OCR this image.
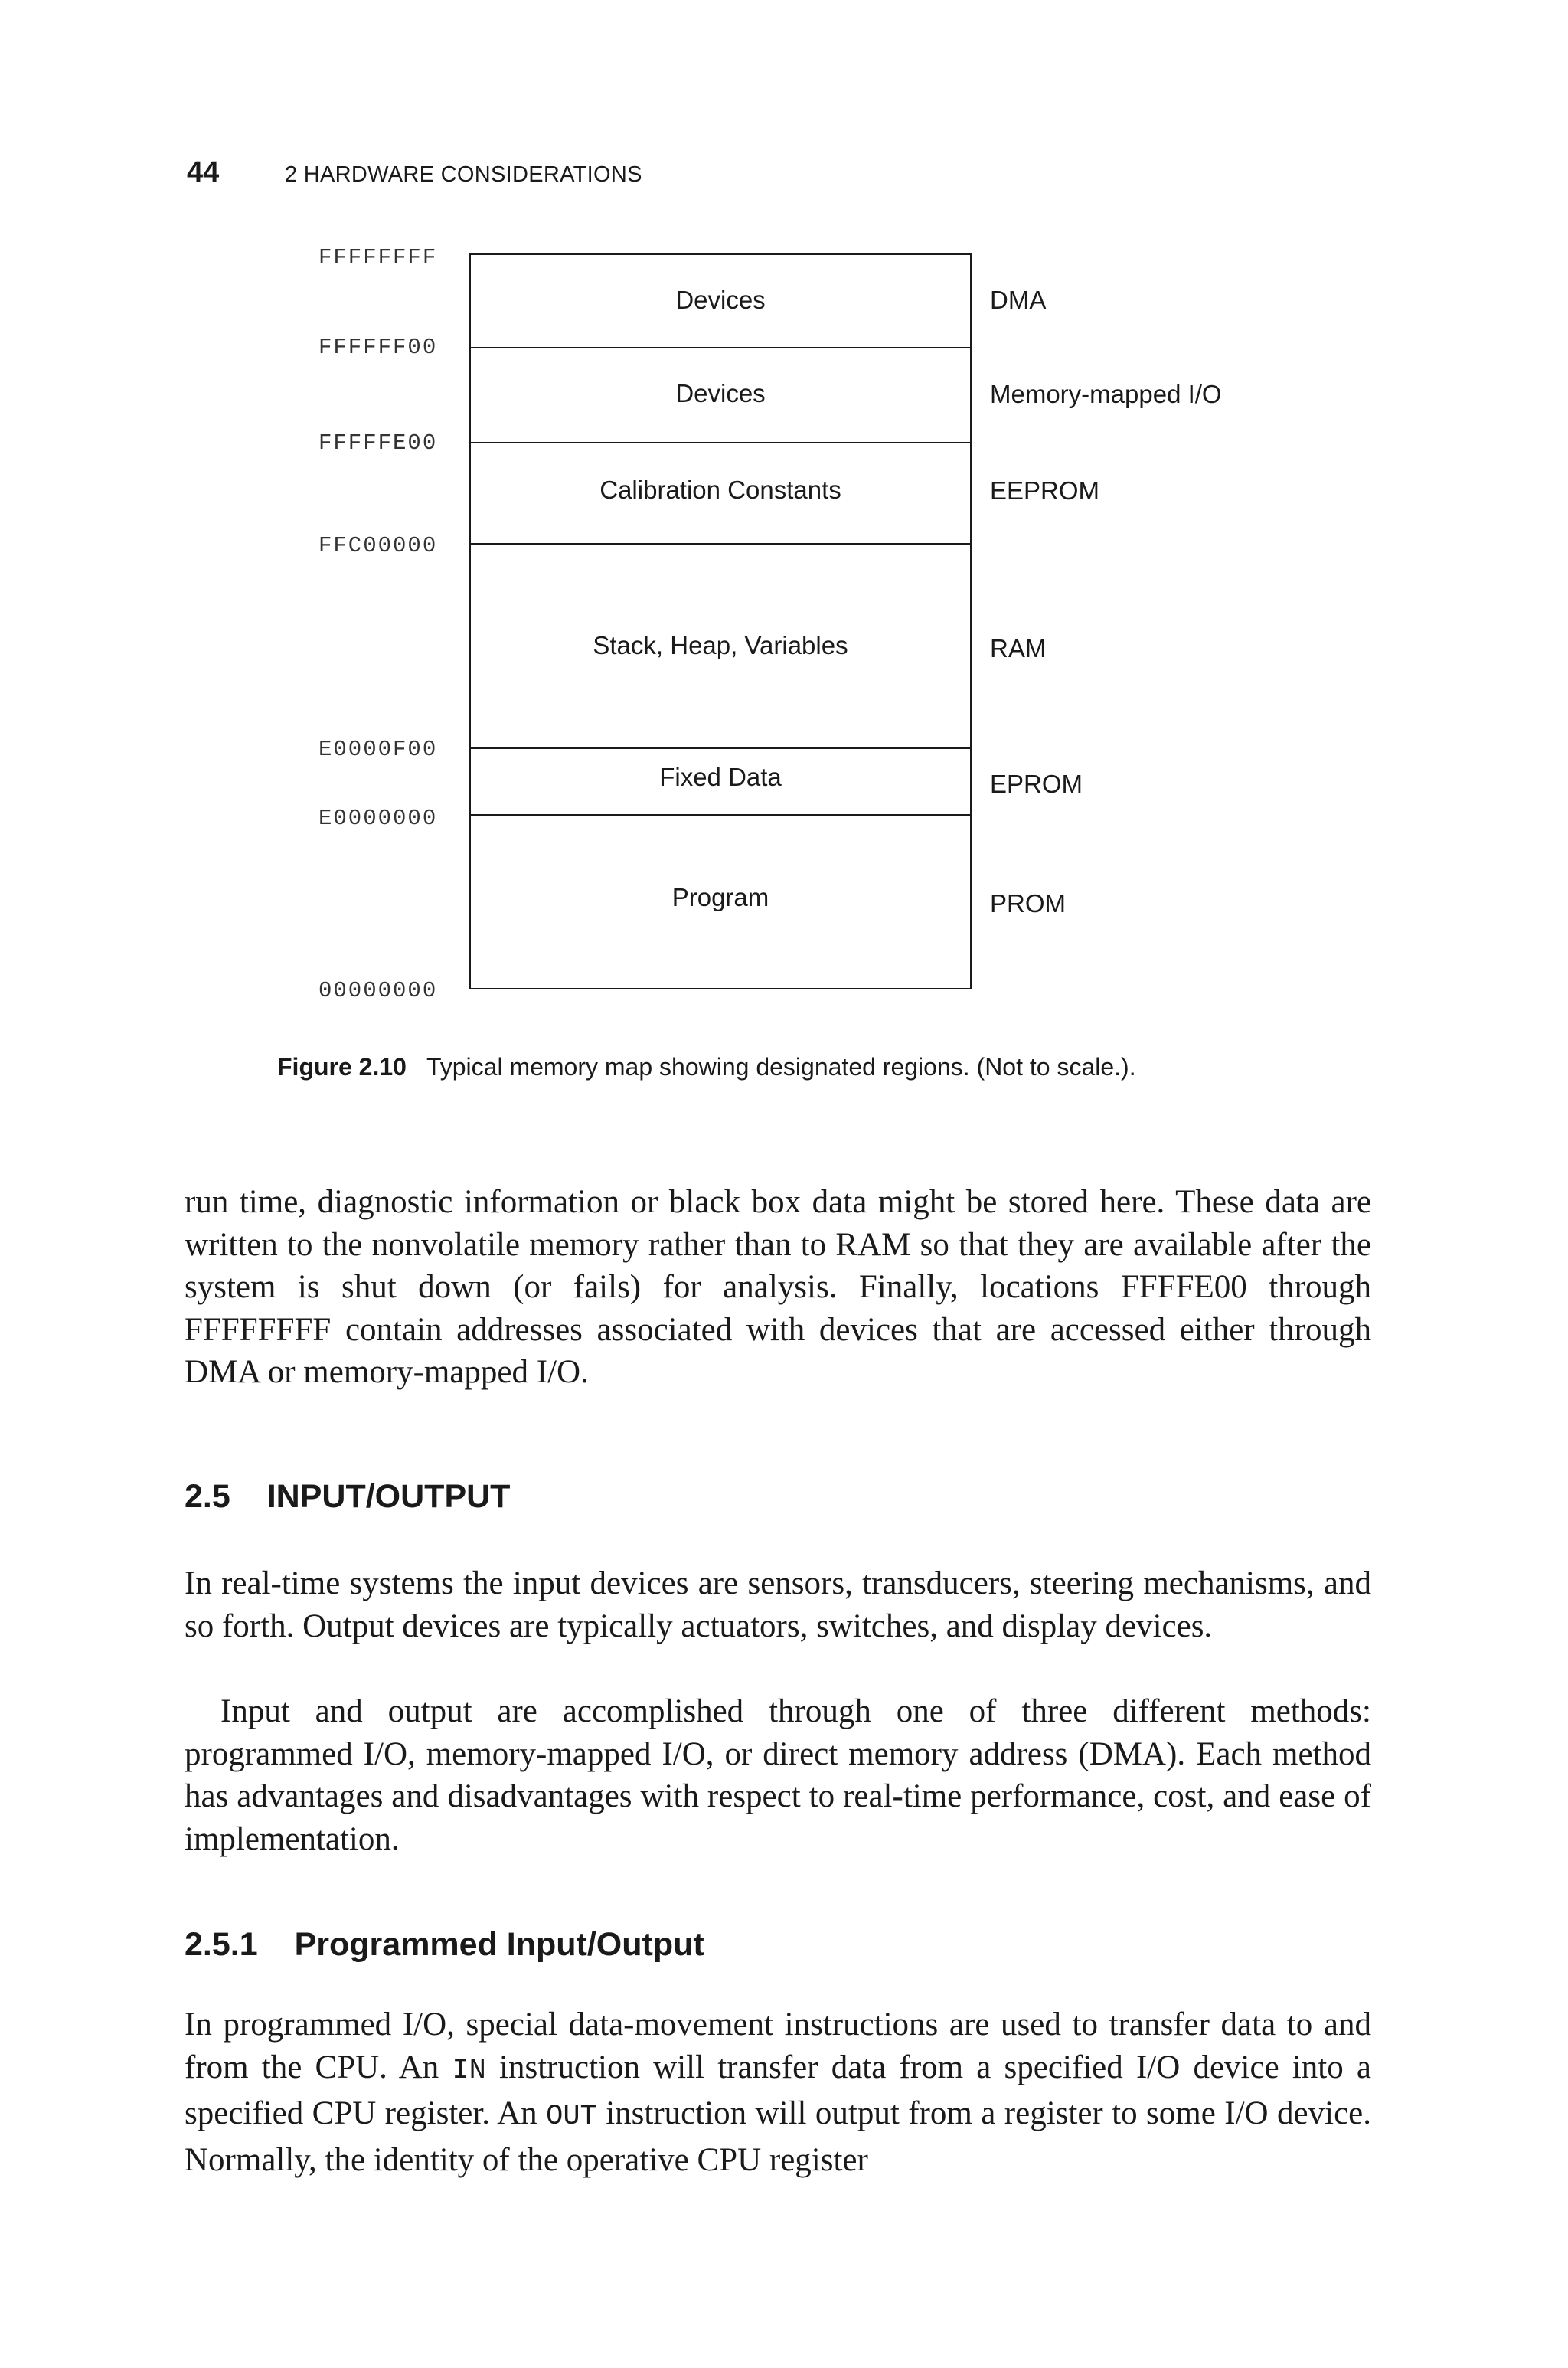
44	2 HARDWARE CONSIDERATIONS
FFFFFFFF
FFFFFF00
FFFFFE00
FFC00000
E0000F00
E0000000
00000000
Devices
Devices
Calibration Constants
Stack, Heap, Variables
Fixed Data
Program
DMA
Memory-mapped I/O
EEPROM
RAM
EPROM
PROM
Figure 2.10 Typical memory map showing designated regions. (Not to scale.).

run time, diagnostic information or black box data might be stored here. These data are written to the nonvolatile memory rather than to RAM so that they are available after the system is shut down (or fails) for analysis. Finally, locations FFFFE00 through FFFFFFFF contain addresses associated with devices that are accessed either through DMA or memory-mapped I/O.

2.5 INPUT/OUTPUT

In real-time systems the input devices are sensors, transducers, steering mechanisms, and so forth. Output devices are typically actuators, switches, and display devices.

Input and output are accomplished through one of three different methods: programmed I/O, memory-mapped I/O, or direct memory address (DMA). Each method has advantages and disadvantages with respect to real-time performance, cost, and ease of implementation.

2.5.1 Programmed Input/Output

In programmed I/O, special data-movement instructions are used to transfer data to and from the CPU. An IN instruction will transfer data from a specified I/O device into a specified CPU register. An OUT instruction will output from a register to some I/O device. Normally, the identity of the operative CPU register
